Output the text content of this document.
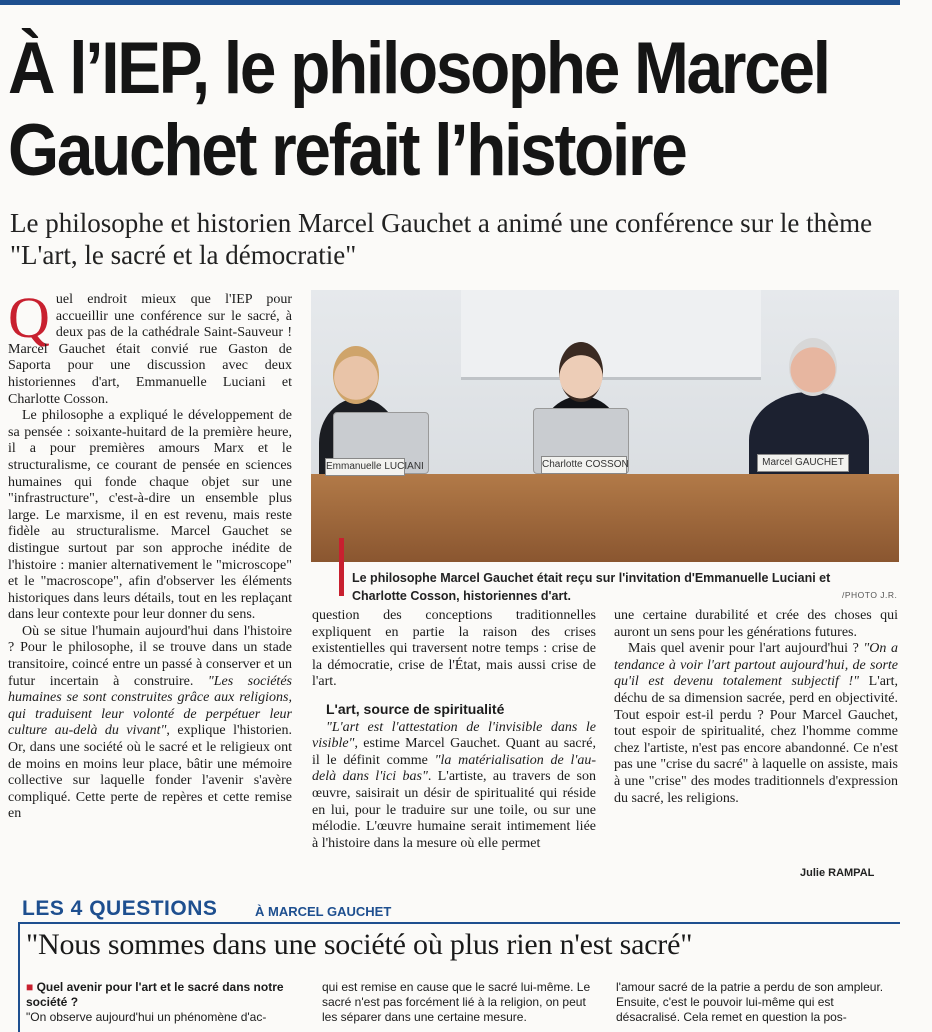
À l’IEP, le philosophe Marcel Gauchet refait l’histoire
Le philosophe et historien Marcel Gauchet a animé une conférence sur le thème "L'art, le sacré et la démocratie"
Emmanuelle LUCIANI	Charlotte COSSON	Marcel GAUCHET
Le philosophe Marcel Gauchet était reçu sur l'invitation d'Emmanuelle Luciani et Charlotte Cosson, historiennes d'art.	/PHOTO J.R.

Quel endroit mieux que l'IEP pour accueillir une conférence sur le sacré, à deux pas de la cathédrale Saint-Sauveur ! Marcel Gauchet était convié rue Gaston de Saporta pour une discussion avec deux historiennes d'art, Emmanuelle Luciani et Charlotte Cosson.

Le philosophe a expliqué le développement de sa pensée : soixante-huitard de la première heure, il a pour premières amours Marx et le structuralisme, ce courant de pensée en sciences humaines qui fonde chaque objet sur une "infrastructure", c'est-à-dire un ensemble plus large. Le marxisme, il en est revenu, mais reste fidèle au structuralisme. Marcel Gauchet se distingue surtout par son approche inédite de l'histoire : manier alternativement le "microscope" et le "macroscope", afin d'observer les éléments historiques dans leurs détails, tout en les replaçant dans leur contexte pour leur donner du sens.

Où se situe l'humain aujourd'hui dans l'histoire ? Pour le philosophe, il se trouve dans un stade transitoire, coincé entre un passé à conserver et un futur incertain à construire. "Les sociétés humaines se sont construites grâce aux religions, qui traduisent leur volonté de perpétuer leur culture au-delà du vivant", explique l'historien. Or, dans une société où le sacré et le religieux ont de moins en moins leur place, bâtir une mémoire collective sur laquelle fonder l'avenir s'avère compliqué. Cette perte de repères et cette remise en

question des conceptions traditionnelles expliquent en partie la raison des crises existentielles qui traversent notre temps : crise de la démocratie, crise de l'État, mais aussi crise de l'art.

L'art, source de spiritualité

"L'art est l'attestation de l'invisible dans le visible", estime Marcel Gauchet. Quant au sacré, il le définit comme "la matérialisation de l'au-delà dans l'ici bas". L'artiste, au travers de son œuvre, saisirait un désir de spiritualité qui réside en lui, pour le traduire sur une toile, ou sur une mélodie. L'œuvre humaine serait intimement liée à l'histoire dans la mesure où elle permet

une certaine durabilité et crée des choses qui auront un sens pour les générations futures.

Mais quel avenir pour l'art aujourd'hui ? "On a tendance à voir l'art partout aujourd'hui, de sorte qu'il est devenu totalement subjectif !" L'art, déchu de sa dimension sacrée, perd en objectivité. Tout espoir est-il perdu ? Pour Marcel Gauchet, tout espoir de spiritualité, chez l'homme comme chez l'artiste, n'est pas encore abandonné. Ce n'est pas une "crise du sacré" à laquelle on assiste, mais à une "crise" des modes traditionnels d'expression du sacré, les religions.

Julie RAMPAL
LES 4 QUESTIONS	À MARCEL GAUCHET
"Nous sommes dans une société où plus rien n'est sacré"
■ Quel avenir pour l'art et le sacré dans notre société ?
"On observe aujourd'hui un phénomène d'ac-
qui est remise en cause que le sacré lui-même. Le sacré n'est pas forcément lié à la religion, on peut les séparer dans une certaine mesure.
l'amour sacré de la patrie a perdu de son ampleur. Ensuite, c'est le pouvoir lui-même qui est désacralisé. Cela remet en question la pos-
